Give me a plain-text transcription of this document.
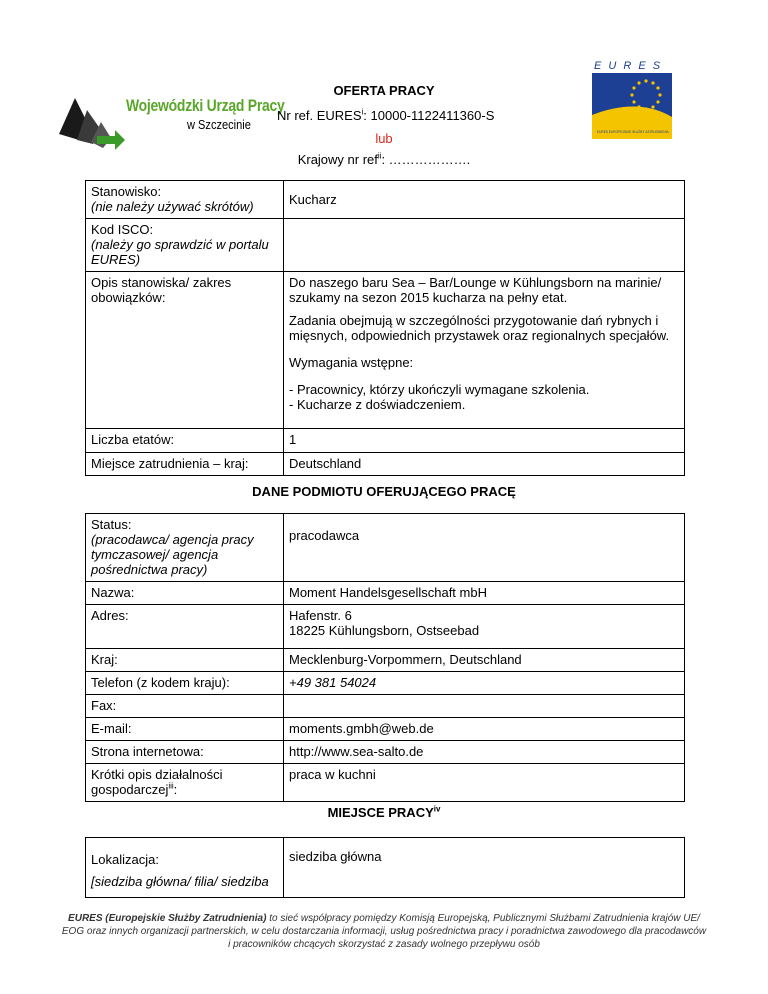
Wojewódzki Urząd Pracy
w Szczecinie
E U R E S
EURES EUROPEJSKIE SŁUŻBY ZATRUDNIENIA
OFERTA PRACY
Nr ref. EURES$^i$: 10000-1122411360-S
lub
Krajowy nr ref$^{ii}$: ……………….
Stanowisko:
(nie należy używać skrótów)	Kucharz
Kod ISCO:
(należy go sprawdzić w portalu EURES)	
Opis stanowiska/ zakres obowiązków:	Do naszego baru Sea – Bar/Lounge w Kühlungsborn na marinie/ szukamy na sezon 2015 kucharza na pełny etat.

Zadania obejmują w szczególności przygotowanie dań rybnych i mięsnych, odpowiednich przystawek oraz regionalnych specjałów.

Wymagania wstępne:

- Pracownicy, którzy ukończyli wymagane szkolenia.
- Kucharze z doświadczeniem.

Liczba etatów:	1
Miejsce zatrudnienia – kraj:	Deutschland
DANE PODMIOTU OFERUJĄCEGO PRACĘ
Status:
(pracodawca/ agencja pracy tymczasowej/ agencja pośrednictwa pracy)	pracodawca
Nazwa:	Moment Handelsgesellschaft mbH
Adres:	Hafenstr. 6
18225 Kühlungsborn, Ostseebad
Kraj:	Mecklenburg-Vorpommern, Deutschland
Telefon (z kodem kraju):	+49 381 54024
Fax:	
E-mail:	moments.gmbh@web.de
Strona internetowa:	http://www.sea-salto.de
Krótki opis działalności gospodarczej$^{iii}$:	praca w kuchni
MIEJSCE PRACY$^{iv}$
Lokalizacja:
[siedziba główna/ filia/ siedziba	siedziba główna
EURES (Europejskie Służby Zatrudnienia) to sieć współpracy pomiędzy Komisją Europejską, Publicznymi Służbami Zatrudnienia krajów UE/ EOG oraz innych organizacji partnerskich, w celu dostarczania informacji, usług pośrednictwa pracy i poradnictwa zawodowego dla pracodawców i pracowników chcących skorzystać z zasady wolnego przepływu osób
